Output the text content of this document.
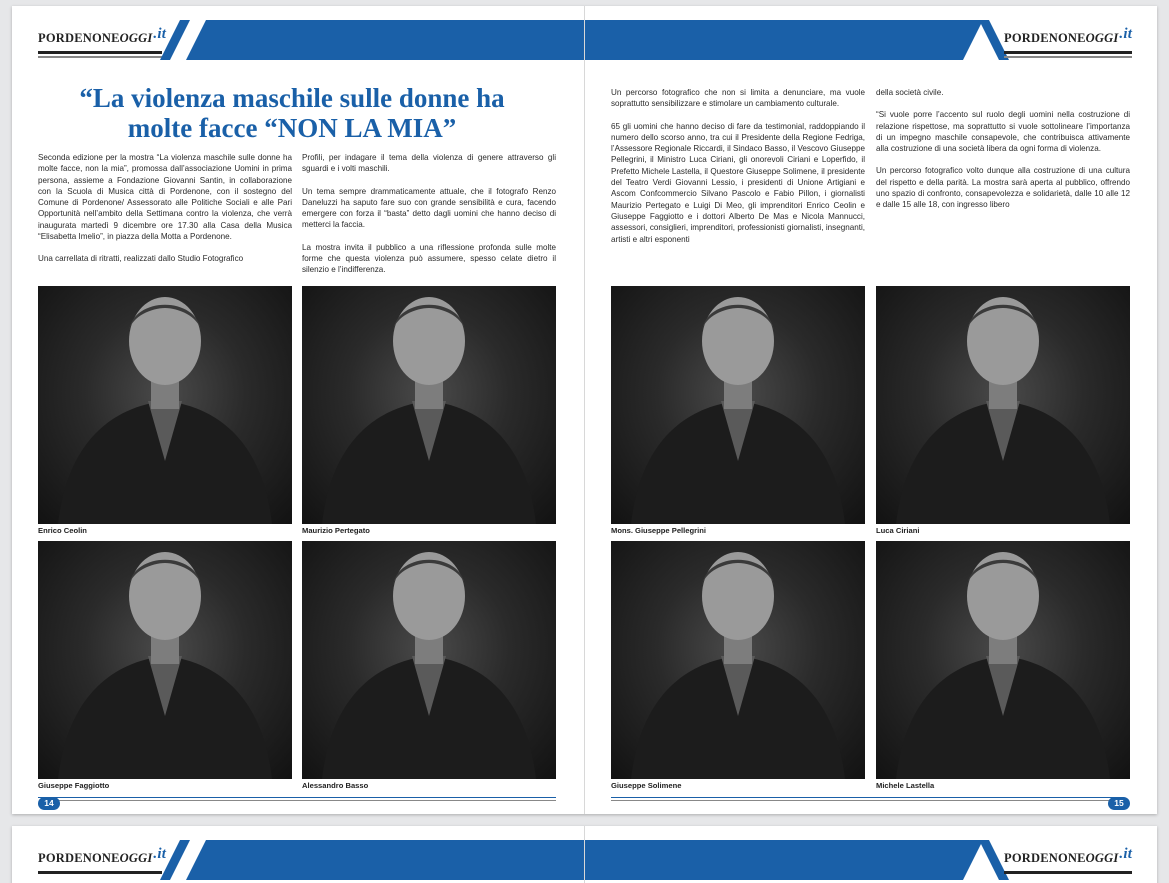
PORDENONEOGGI.it	PORDENONEOGGI.it
“La violenza maschile sulle donne ha
molte facce “NON LA MIA”

Seconda edizione per la mostra “La violenza maschile sulle donne ha molte facce, non la mia”, promossa dall’associazione Uomini in prima persona, assieme a Fondazione Giovanni Santin, in collaborazione con la Scuola di Musica città di Pordenone, con il sostegno del Comune di Pordenone/ Assessorato alle Politiche Sociali e alle Pari Opportunità nell’ambito della Settimana contro la violenza, che verrà inaugurata martedì 9 dicembre ore 17.30 alla Casa della Musica “Elisabetta Imelio”, in piazza della Motta a Pordenone.

Una carrellata di ritratti, realizzati dallo Studio Fotografico

Profili, per indagare il tema della violenza di genere attraverso gli sguardi e i volti maschili.

Un tema sempre drammaticamente attuale, che il fotografo Renzo Daneluzzi ha saputo fare suo con grande sensibilità e cura, facendo emergere con forza il “basta” detto dagli uomini che hanno deciso di metterci la faccia.

La mostra invita il pubblico a una riflessione profonda sulle molte forme che questa violenza può assumere, spesso celate dietro il silenzio e l’indifferenza.

Un percorso fotografico che non si limita a denunciare, ma vuole soprattutto sensibilizzare e stimolare un cambiamento culturale.

65 gli uomini che hanno deciso di fare da testimonial, raddoppiando il numero dello scorso anno, tra cui il Presidente della Regione Fedriga, l’Assessore Regionale Riccardi, il Sindaco Basso, il Vescovo Giuseppe Pellegrini, il Ministro Luca Ciriani, gli onorevoli Ciriani e Loperfido, il Prefetto Michele Lastella, il Questore Giuseppe Solimene, il presidente del Teatro Verdi Giovanni Lessio, i presidenti di Unione Artigiani e Ascom Confcommercio Silvano Pascolo e Fabio Pillon, i giornalisti Maurizio Pertegato e Luigi Di Meo, gli imprenditori Enrico Ceolin e Giuseppe Faggiotto e i dottori Alberto De Mas e Nicola Mannucci, assessori, consiglieri, imprenditori, professionisti giornalisti, insegnanti, artisti e altri esponenti

della società civile.

“Si vuole porre l’accento sul ruolo degli uomini nella costruzione di relazione rispettose, ma soprattutto si vuole sottolineare l’importanza di un impegno maschile consapevole, che contribuisca attivamente alla costruzione di una società libera da ogni forma di violenza.

Un percorso fotografico volto dunque alla costruzione di una cultura del rispetto e della parità. La mostra sarà aperta al pubblico, offrendo uno spazio di confronto, consapevolezza e solidarietà, dalle 10 alle 12 e dalle 15 alle 18, con ingresso libero

Enrico Ceolin	Maurizio Pertegato	Mons. Giuseppe Pellegrini	Luca Ciriani
Giuseppe Faggiotto	Alessandro Basso	Giuseppe Solimene	Michele Lastella
14	15
PORDENONEOGGI.it	PORDENONEOGGI.it
